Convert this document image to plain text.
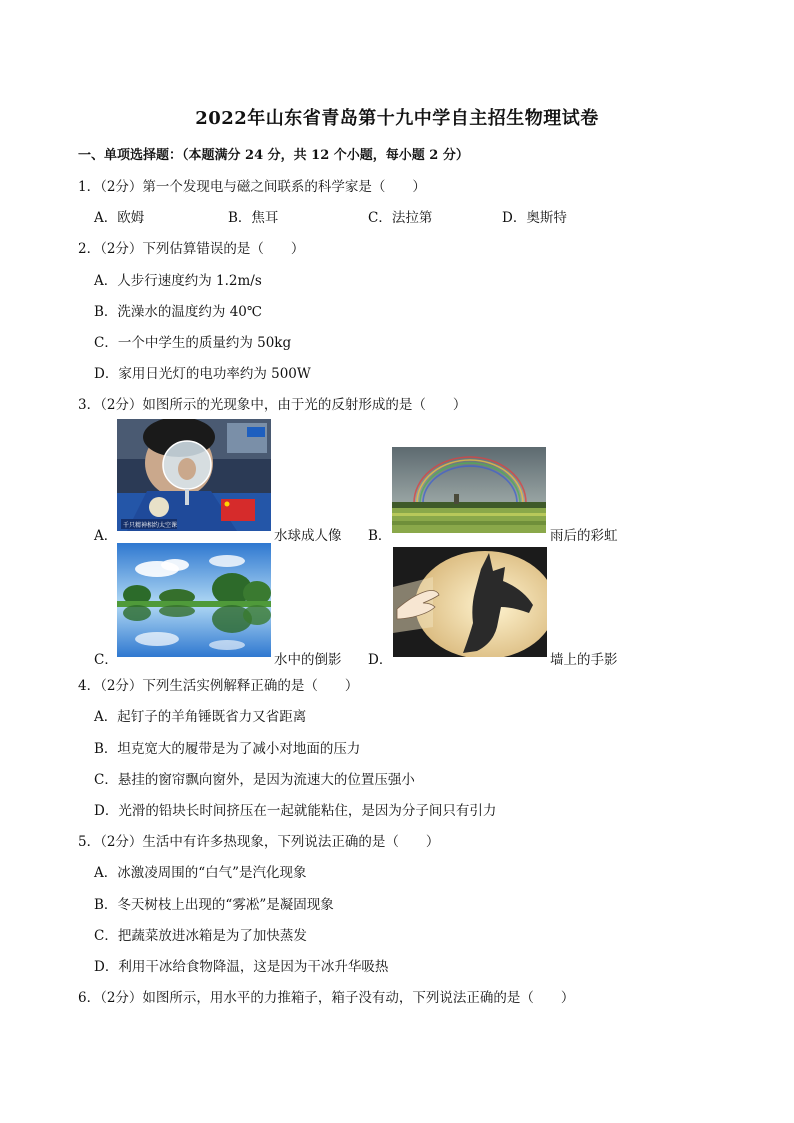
2022年山东省青岛第十九中学自主招生物理试卷
一、单项选择题：（本题满分 24 分，共 12 个小题，每小题 2 分）
1．（2分）第一个发现电与磁之间联系的科学家是（　　）
A．欧姆	B．焦耳	C．法拉第	D．奥斯特
2．（2分）下列估算错误的是（　　）
A．人步行速度约为 1.2m/s
B．洗澡水的温度约为 40℃
C．一个中学生的质量约为 50kg
D．家用日光灯的电功率约为 500W
3．（2分）如图所示的光现象中，由于光的反射形成的是（　　）
千只精神相约太空课
A．	水球成人像 B．	雨后的彩虹
C．	水中的倒影 D．	墙上的手影
4．（2分）下列生活实例解释正确的是（　　）
A．起钉子的羊角锤既省力又省距离
B．坦克宽大的履带是为了减小对地面的压力
C．悬挂的窗帘飘向窗外，是因为流速大的位置压强小
D．光滑的铅块长时间挤压在一起就能粘住，是因为分子间只有引力
5．（2分）生活中有许多热现象，下列说法正确的是（　　）
A．冰激凌周围的“白气”是汽化现象
B．冬天树枝上出现的“雾凇”是凝固现象
C．把蔬菜放进冰箱是为了加快蒸发
D．利用干冰给食物降温，这是因为干冰升华吸热
6．（2分）如图所示，用水平的力推箱子，箱子没有动，下列说法正确的是（　　）
